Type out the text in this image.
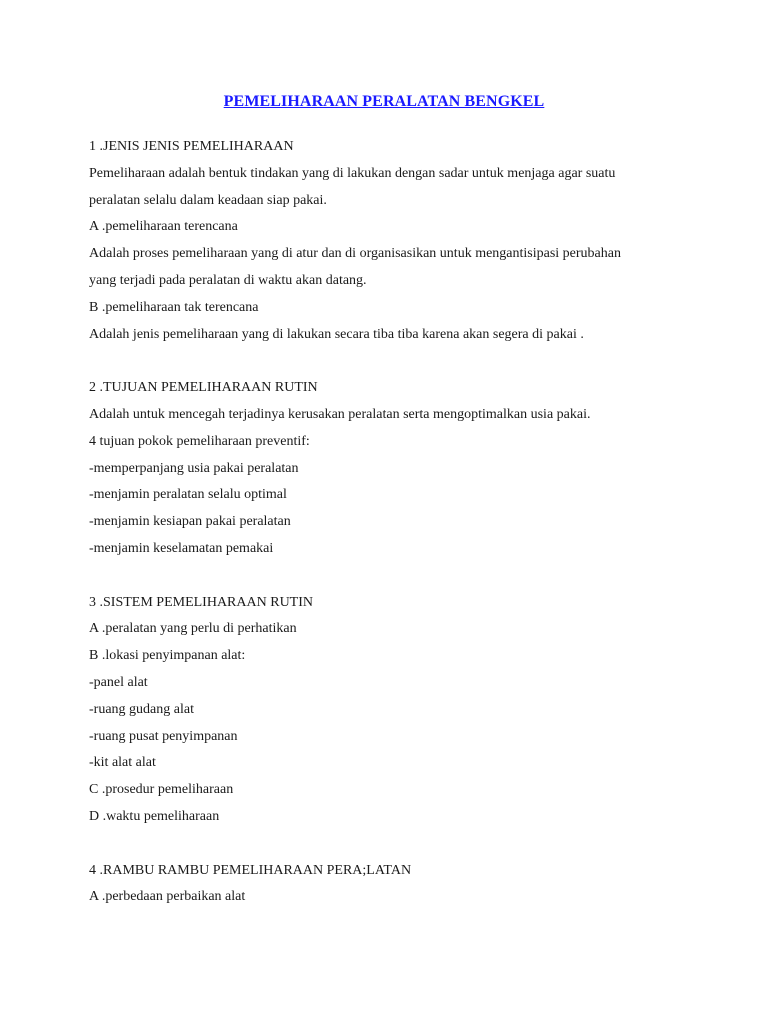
PEMELIHARAAN PERALATAN BENGKEL
1 .JENIS JENIS PEMELIHARAAN
Pemeliharaan adalah bentuk tindakan yang di lakukan dengan sadar untuk menjaga agar suatu
peralatan selalu dalam keadaan siap pakai.
A .pemeliharaan terencana
Adalah proses pemeliharaan yang di atur dan di organisasikan untuk mengantisipasi perubahan
yang terjadi pada peralatan di waktu akan datang.
B .pemeliharaan tak terencana
Adalah jenis pemeliharaan yang di lakukan secara tiba tiba karena akan segera di pakai .
2 .TUJUAN PEMELIHARAAN RUTIN
Adalah untuk mencegah terjadinya kerusakan peralatan serta mengoptimalkan usia pakai.
4 tujuan pokok pemeliharaan preventif:
-memperpanjang usia pakai peralatan
-menjamin peralatan selalu optimal
-menjamin kesiapan pakai peralatan
-menjamin keselamatan pemakai
3 .SISTEM PEMELIHARAAN RUTIN
A .peralatan yang perlu di perhatikan
B .lokasi penyimpanan alat:
-panel alat
-ruang gudang alat
-ruang pusat penyimpanan
-kit alat alat
C .prosedur pemeliharaan
D .waktu pemeliharaan
4 .RAMBU RAMBU PEMELIHARAAN PERA;LATAN
A .perbedaan perbaikan alat
